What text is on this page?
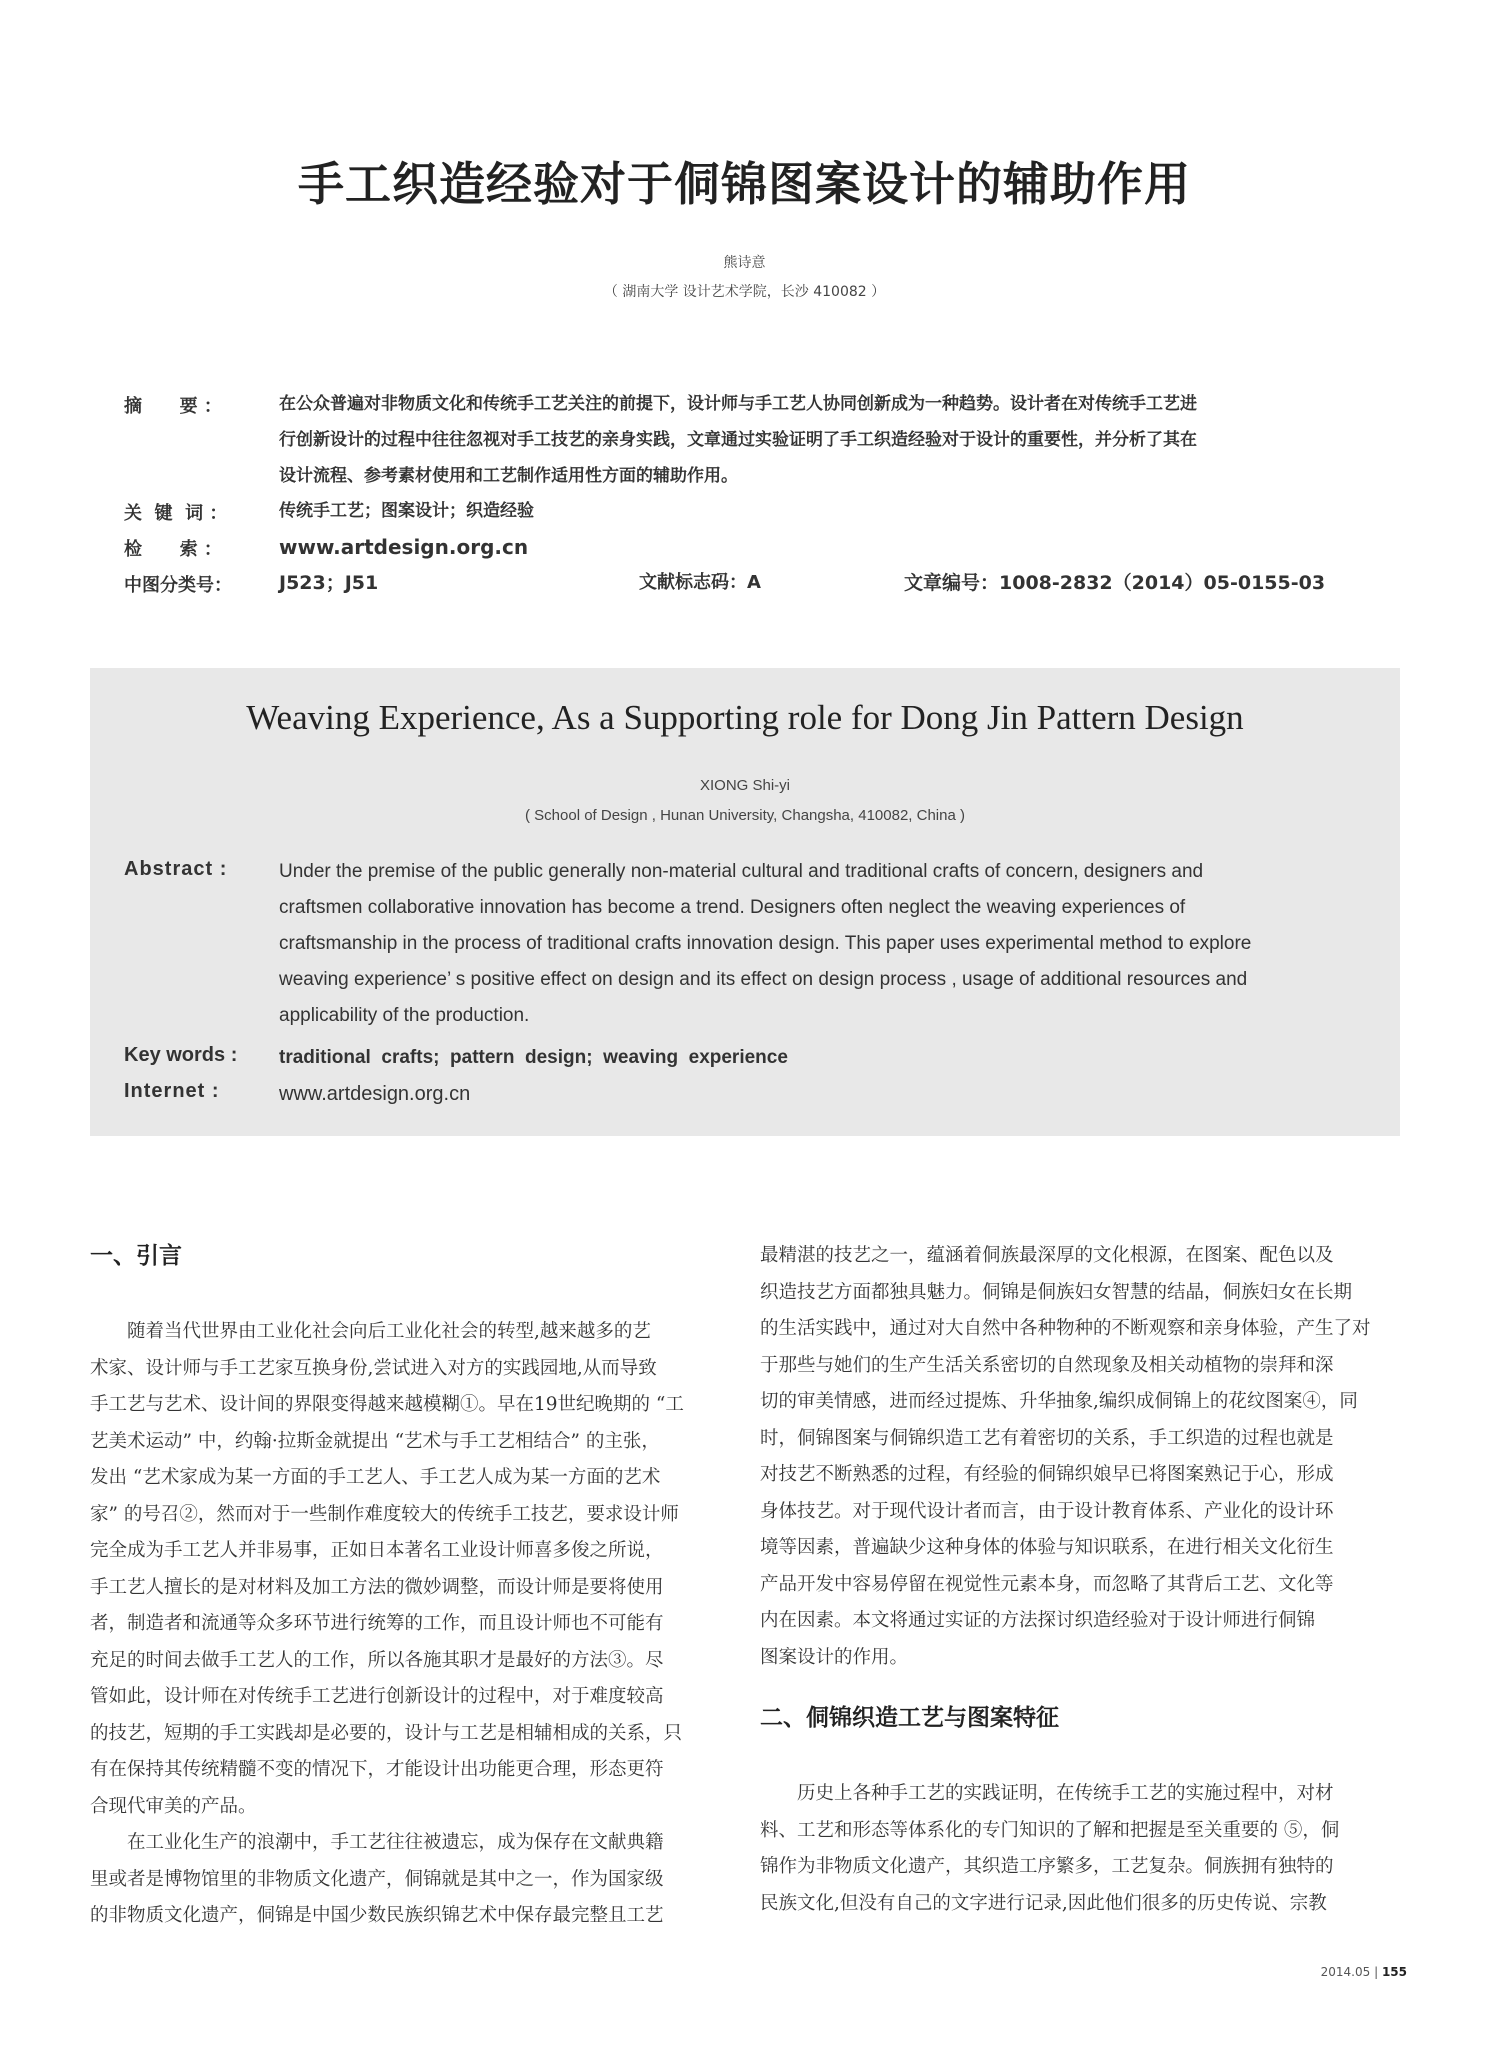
手工织造经验对于侗锦图案设计的辅助作用
熊诗意
（ 湖南大学 设计艺术学院，长沙 410082 ）
摘      要 ：	在公众普遍对非物质文化和传统手工艺关注的前提下，设计师与手工艺人协同创新成为一种趋势。设计者在对传统手工艺进
行创新设计的过程中往往忽视对手工技艺的亲身实践，文章通过实验证明了手工织造经验对于设计的重要性，并分析了其在
设计流程、参考素材使用和工艺制作适用性方面的辅助作用。
关  键  词 ：	传统手工艺；图案设计；织造经验
检      索 ：	www.artdesign.org.cn
中图分类号：	J523；J51	文献标志码：A	文章编号：1008-2832（2014）05-0155-03
Weaving Experience, As a Supporting role for Dong Jin Pattern Design
XIONG Shi-yi
( School of Design , Hunan University, Changsha, 410082, China )
Abstract :	Under the premise of the public generally non-material cultural and traditional crafts of concern, designers and
craftsmen collaborative innovation has become a trend. Designers often neglect the weaving experiences of
craftsmanship in the process of traditional crafts innovation design. This paper uses experimental method to explore
weaving experience’ s positive effect on design and its effect on design process , usage of additional resources and
applicability of the production.
Key words :	traditional  crafts;  pattern  design;  weaving  experience
Internet :	www.artdesign.org.cn
一、引言
随着当代世界由工业化社会向后工业化社会的转型,越来越多的艺
术家、设计师与手工艺家互换身份,尝试进入对方的实践园地,从而导致
手工艺与艺术、设计间的界限变得越来越模糊①。早在19世纪晚期的 “工
艺美术运动” 中，约翰·拉斯金就提出 “艺术与手工艺相结合” 的主张，
发出 “艺术家成为某一方面的手工艺人、手工艺人成为某一方面的艺术
家” 的号召②，然而对于一些制作难度较大的传统手工技艺，要求设计师
完全成为手工艺人并非易事，正如日本著名工业设计师喜多俊之所说，
手工艺人擅长的是对材料及加工方法的微妙调整，而设计师是要将使用
者，制造者和流通等众多环节进行统筹的工作，而且设计师也不可能有
充足的时间去做手工艺人的工作，所以各施其职才是最好的方法③。尽
管如此，设计师在对传统手工艺进行创新设计的过程中，对于难度较高
的技艺，短期的手工实践却是必要的，设计与工艺是相辅相成的关系，只
有在保持其传统精髓不变的情况下，才能设计出功能更合理，形态更符
合现代审美的产品。
在工业化生产的浪潮中，手工艺往往被遗忘，成为保存在文献典籍
里或者是博物馆里的非物质文化遗产，侗锦就是其中之一，作为国家级
的非物质文化遗产，侗锦是中国少数民族织锦艺术中保存最完整且工艺
最精湛的技艺之一，蕴涵着侗族最深厚的文化根源，在图案、配色以及
织造技艺方面都独具魅力。侗锦是侗族妇女智慧的结晶，侗族妇女在长期
的生活实践中，通过对大自然中各种物种的不断观察和亲身体验，产生了对
于那些与她们的生产生活关系密切的自然现象及相关动植物的崇拜和深
切的审美情感，进而经过提炼、升华抽象,编织成侗锦上的花纹图案④，同
时，侗锦图案与侗锦织造工艺有着密切的关系，手工织造的过程也就是
对技艺不断熟悉的过程，有经验的侗锦织娘早已将图案熟记于心，形成
身体技艺。对于现代设计者而言，由于设计教育体系、产业化的设计环
境等因素，普遍缺少这种身体的体验与知识联系，在进行相关文化衍生
产品开发中容易停留在视觉性元素本身，而忽略了其背后工艺、文化等
内在因素。本文将通过实证的方法探讨织造经验对于设计师进行侗锦
图案设计的作用。
二、侗锦织造工艺与图案特征
历史上各种手工艺的实践证明，在传统手工艺的实施过程中，对材
料、工艺和形态等体系化的专门知识的了解和把握是至关重要的 ⑤，侗
锦作为非物质文化遗产，其织造工序繁多，工艺复杂。侗族拥有独特的
民族文化,但没有自己的文字进行记录,因此他们很多的历史传说、宗教
2014.05 | 155
